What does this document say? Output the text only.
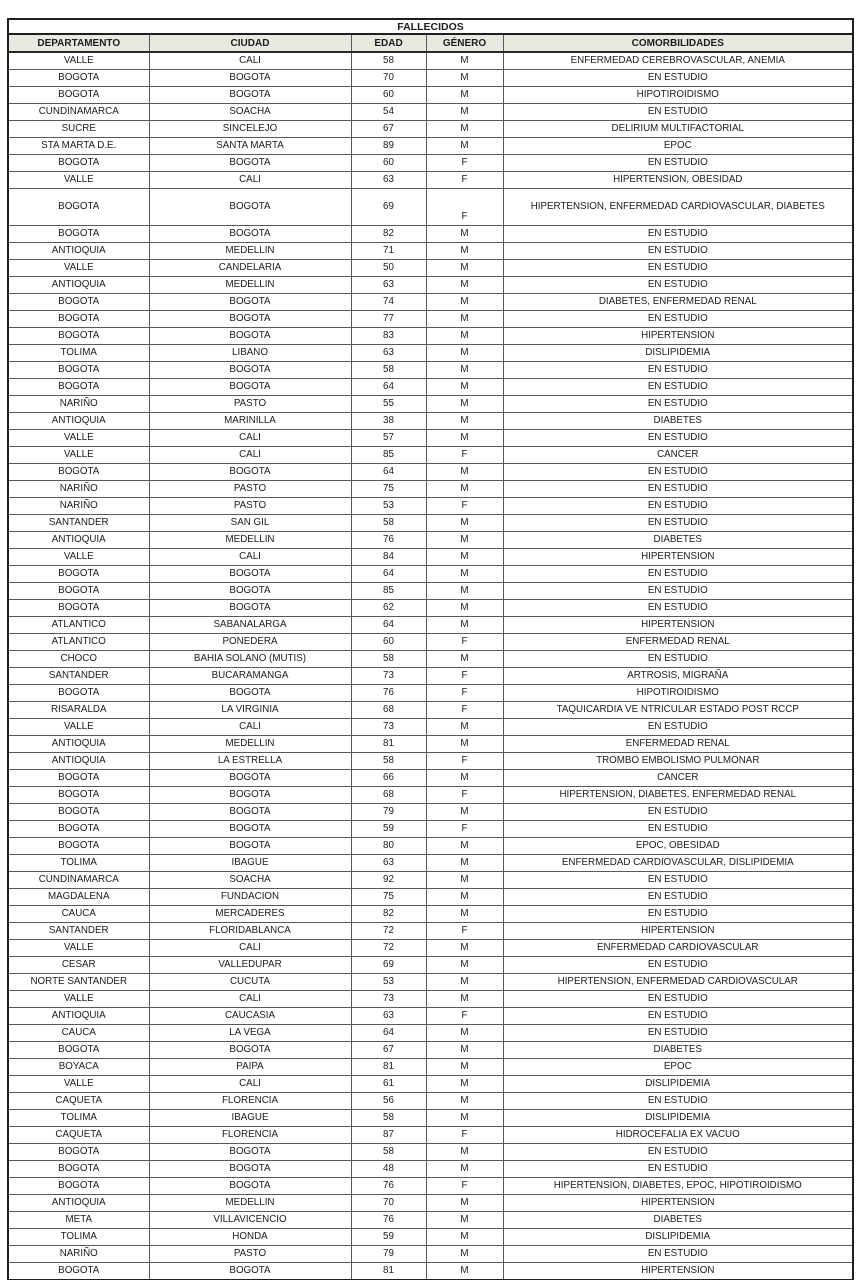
FALLECIDOS				
DEPARTAMENTO	CIUDAD	EDAD	GÉNERO	COMORBILIDADES
VALLE	CALI	58	M	ENFERMEDAD CEREBROVASCULAR, ANEMIA
BOGOTA	BOGOTA	70	M	EN ESTUDIO
BOGOTA	BOGOTA	60	M	HIPOTIROIDISMO
CUNDINAMARCA	SOACHA	54	M	EN ESTUDIO
SUCRE	SINCELEJO	67	M	DELIRIUM MULTIFACTORIAL
STA MARTA D.E.	SANTA MARTA	89	M	EPOC
BOGOTA	BOGOTA	60	F	EN ESTUDIO
VALLE	CALI	63	F	HIPERTENSION, OBESIDAD
BOGOTA	BOGOTA	69	F	HIPERTENSION, ENFERMEDAD CARDIOVASCULAR, DIABETES
BOGOTA	BOGOTA	82	M	EN ESTUDIO
ANTIOQUIA	MEDELLIN	71	M	EN ESTUDIO
VALLE	CANDELARIA	50	M	EN ESTUDIO
ANTIOQUIA	MEDELLIN	63	M	EN ESTUDIO
BOGOTA	BOGOTA	74	M	DIABETES, ENFERMEDAD RENAL
BOGOTA	BOGOTA	77	M	EN ESTUDIO
BOGOTA	BOGOTA	83	M	HIPERTENSION
TOLIMA	LIBANO	63	M	DISLIPIDEMIA
BOGOTA	BOGOTA	58	M	EN ESTUDIO
BOGOTA	BOGOTA	64	M	EN ESTUDIO
NARIÑO	PASTO	55	M	EN ESTUDIO
ANTIOQUIA	MARINILLA	38	M	DIABETES
VALLE	CALI	57	M	EN ESTUDIO
VALLE	CALI	85	F	CANCER
BOGOTA	BOGOTA	64	M	EN ESTUDIO
NARIÑO	PASTO	75	M	EN ESTUDIO
NARIÑO	PASTO	53	F	EN ESTUDIO
SANTANDER	SAN GIL	58	M	EN ESTUDIO
ANTIOQUIA	MEDELLIN	76	M	DIABETES
VALLE	CALI	84	M	HIPERTENSION
BOGOTA	BOGOTA	64	M	EN ESTUDIO
BOGOTA	BOGOTA	85	M	EN ESTUDIO
BOGOTA	BOGOTA	62	M	EN ESTUDIO
ATLANTICO	SABANALARGA	64	M	HIPERTENSION
ATLANTICO	PONEDERA	60	F	ENFERMEDAD RENAL
CHOCO	BAHIA SOLANO (MUTIS)	58	M	EN ESTUDIO
SANTANDER	BUCARAMANGA	73	F	ARTROSIS, MIGRAÑA
BOGOTA	BOGOTA	76	F	HIPOTIROIDISMO
RISARALDA	LA VIRGINIA	68	F	TAQUICARDIA VE NTRICULAR ESTADO POST RCCP
VALLE	CALI	73	M	EN ESTUDIO
ANTIOQUIA	MEDELLIN	81	M	ENFERMEDAD RENAL
ANTIOQUIA	LA ESTRELLA	58	F	TROMBO EMBOLISMO PULMONAR
BOGOTA	BOGOTA	66	M	CANCER
BOGOTA	BOGOTA	68	F	HIPERTENSION, DIABETES, ENFERMEDAD RENAL
BOGOTA	BOGOTA	79	M	EN ESTUDIO
BOGOTA	BOGOTA	59	F	EN ESTUDIO
BOGOTA	BOGOTA	80	M	EPOC, OBESIDAD
TOLIMA	IBAGUE	63	M	ENFERMEDAD CARDIOVASCULAR, DISLIPIDEMIA
CUNDINAMARCA	SOACHA	92	M	EN ESTUDIO
MAGDALENA	FUNDACION	75	M	EN ESTUDIO
CAUCA	MERCADERES	82	M	EN ESTUDIO
SANTANDER	FLORIDABLANCA	72	F	HIPERTENSION
VALLE	CALI	72	M	ENFERMEDAD CARDIOVASCULAR
CESAR	VALLEDUPAR	69	M	EN ESTUDIO
NORTE SANTANDER	CUCUTA	53	M	HIPERTENSION, ENFERMEDAD CARDIOVASCULAR
VALLE	CALI	73	M	EN ESTUDIO
ANTIOQUIA	CAUCASIA	63	F	EN ESTUDIO
CAUCA	LA VEGA	64	M	EN ESTUDIO
BOGOTA	BOGOTA	67	M	DIABETES
BOYACA	PAIPA	81	M	EPOC
VALLE	CALI	61	M	DISLIPIDEMIA
CAQUETA	FLORENCIA	56	M	EN ESTUDIO
TOLIMA	IBAGUE	58	M	DISLIPIDEMIA
CAQUETA	FLORENCIA	87	F	HIDROCEFALIA EX VACUO
BOGOTA	BOGOTA	58	M	EN ESTUDIO
BOGOTA	BOGOTA	48	M	EN ESTUDIO
BOGOTA	BOGOTA	76	F	HIPERTENSION, DIABETES, EPOC, HIPOTIROIDISMO
ANTIOQUIA	MEDELLIN	70	M	HIPERTENSION
META	VILLAVICENCIO	76	M	DIABETES
TOLIMA	HONDA	59	M	DISLIPIDEMIA
NARIÑO	PASTO	79	M	EN ESTUDIO
BOGOTA	BOGOTA	81	M	HIPERTENSION
